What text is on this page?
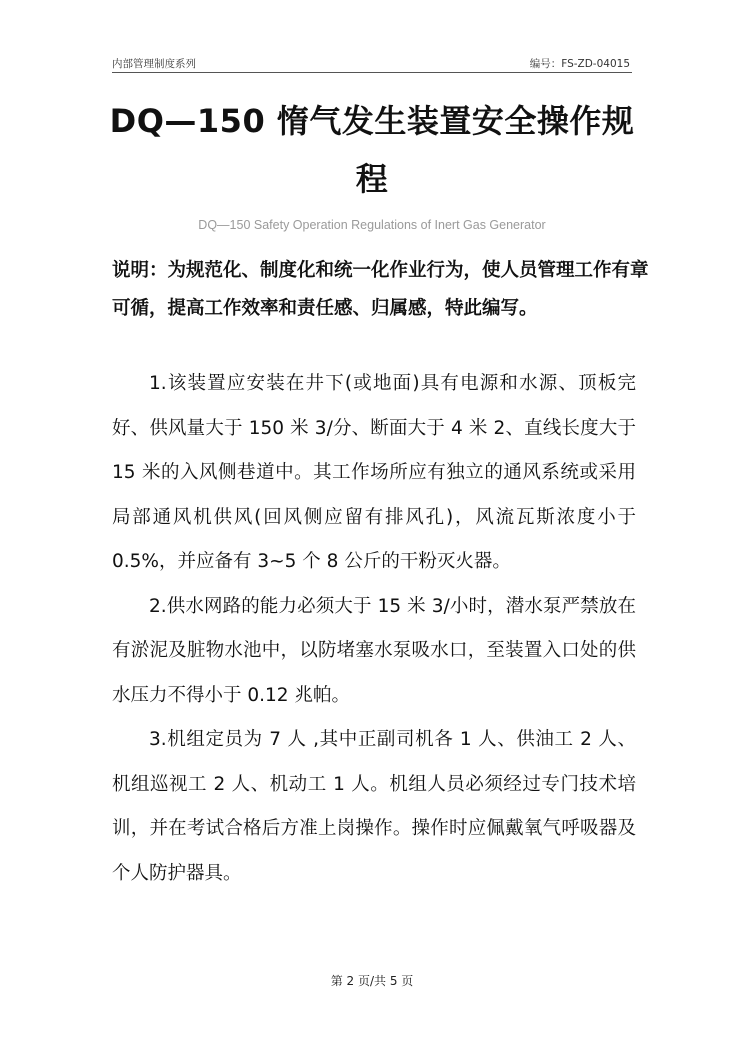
内部管理制度系列	编号：FS-ZD-04015
DQ—150 惰气发生装置安全操作规
程
DQ—150 Safety Operation Regulations of Inert Gas Generator
说明：为规范化、制度化和统一化作业行为，使人员管理工作有章可循，提高工作效率和责任感、归属感，特此编写。

1.该装置应安装在井下(或地面)具有电源和水源、顶板完好、供风量大于 150 米 3/分、断面大于 4 米 2、直线长度大于 15 米的入风侧巷道中。其工作场所应有独立的通风系统或采用局部通风机供风(回风侧应留有排风孔)，风流瓦斯浓度小于 0.5%，并应备有 3~5 个 8 公斤的干粉灭火器。

2.供水网路的能力必须大于 15 米 3/小时，潜水泵严禁放在有淤泥及脏物水池中，以防堵塞水泵吸水口，至装置入口处的供水压力不得小于 0.12 兆帕。

3.机组定员为 7 人 ,其中正副司机各 1 人、供油工 2 人、机组巡视工 2 人、机动工 1 人。机组人员必须经过专门技术培训，并在考试合格后方准上岗操作。操作时应佩戴氧气呼吸器及个人防护器具。

第 2 页/共 5 页
